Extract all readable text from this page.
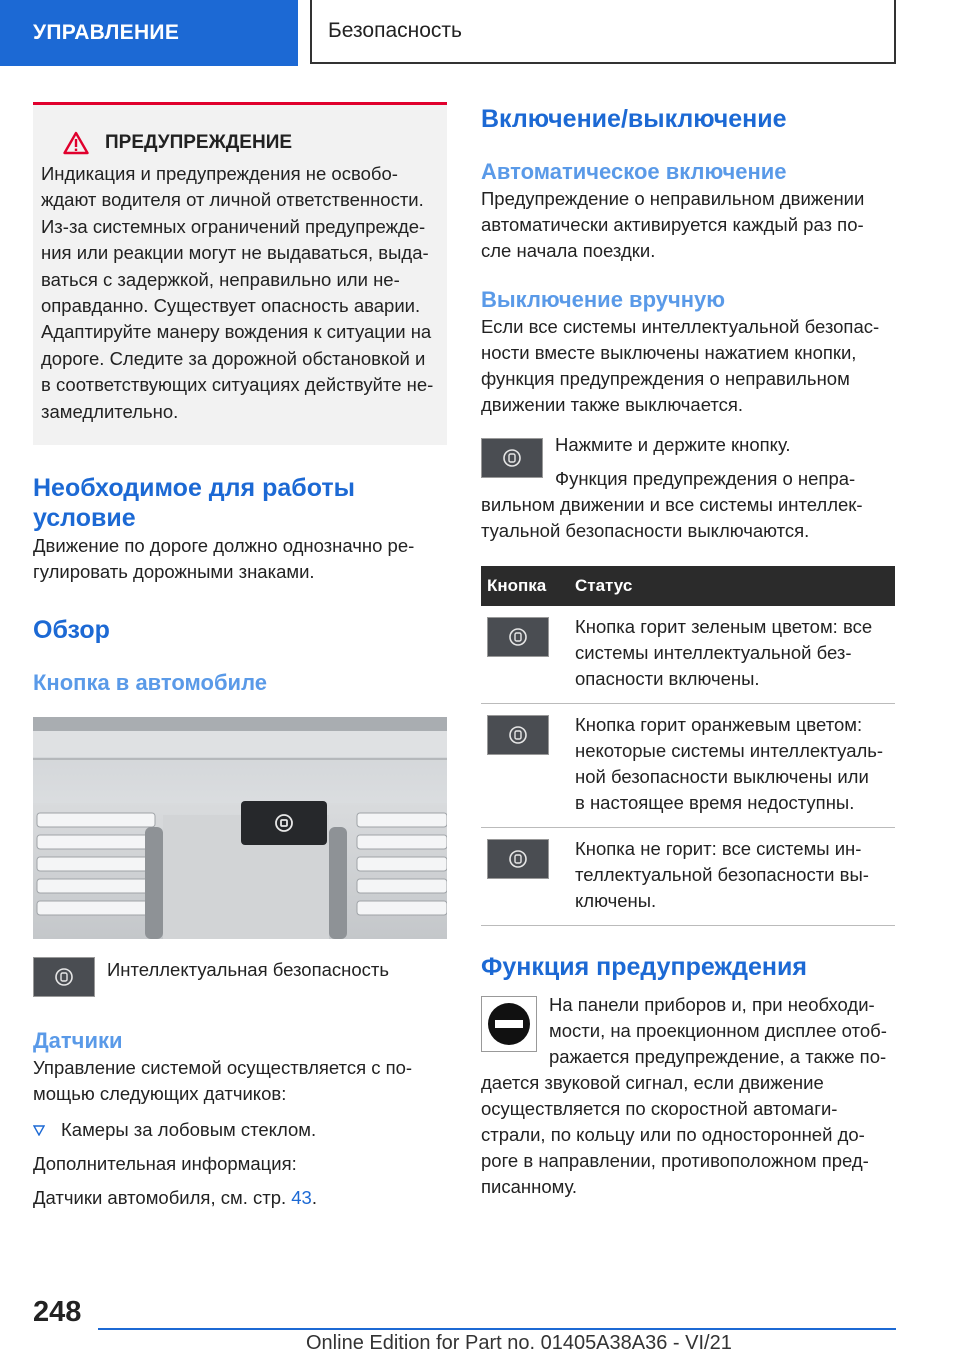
УПРАВЛЕНИЕ	Безопасность
ПРЕДУПРЕЖДЕНИЕ

Индикация и предупреждения не освобо-

ждают водителя от личной ответственности.

Из-за системных ограничений предупрежде-

ния или реакции могут не выдаваться, выда-

ваться с задержкой, неправильно или не-

оправданно. Существует опасность аварии.

Адаптируйте манеру вождения к ситуации на

дороге. Следите за дорожной обстановкой и

в соответствующих ситуациях действуйте не-

замедлительно.

Необходимое для работы
условие

Движение по дороге должно однозначно ре-

гулировать дорожными знаками.

Обзор
Кнопка в автомобиле

Интеллектуальная безопасность

Датчики

Управление системой осуществляется с по-

мощью следующих датчиков:

Камеры за лобовым стеклом.

Дополнительная информация:

Датчики автомобиля, см. стр. 43.

Включение/выключение
Автоматическое включение

Предупреждение о неправильном движении

автоматически активируется каждый раз по-

сле начала поездки.

Выключение вручную

Если все системы интеллектуальной безопас-

ности вместе выключены нажатием кнопки,

функция предупреждения о неправильном

движении также выключается.

Нажмите и держите кнопку.

Функция предупреждения о непра-

вильном движении и все системы интеллек-

туальной безопасности выключаются.

Кнопка	Статус

Кнопка горит зеленым цветом: все
системы интеллектуальной без-
опасности включены.

Кнопка горит оранжевым цветом:
некоторые системы интеллектуаль-
ной безопасности выключены или
в настоящее время недоступны.

Кнопка не горит: все системы ин-
теллектуальной безопасности вы-
ключены.
Функция предупреждения

На панели приборов и, при необходи-

мости, на проекционном дисплее отоб-

ражается предупреждение, а также по-

дается звуковой сигнал, если движение

осуществляется по скоростной автомаги-

страли, по кольцу или по односторонней до-

роге в направлении, противоположном пред-

писанному.

248
Online Edition for Part no. 01405A38A36 - VI/21
